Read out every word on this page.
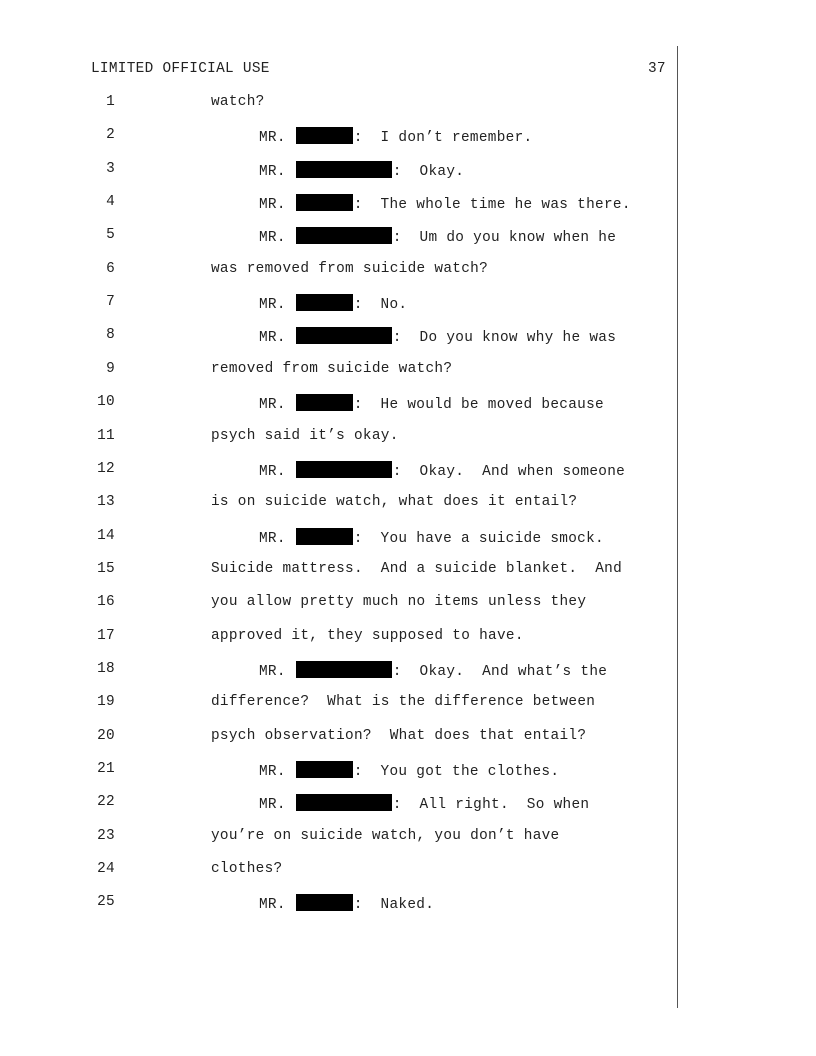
LIMITED OFFICIAL USE	37
1	watch?
2	MR.	:  I don’t remember.
3	MR.	:  Okay.
4	MR.	:  The whole time he was there.
5	MR.	:  Um do you know when he
6	was removed from suicide watch?
7	MR.	:  No.
8	MR.	:  Do you know why he was
9	removed from suicide watch?
10	MR.	:  He would be moved because
11	psych said it’s okay.
12	MR.	:  Okay.  And when someone
13	is on suicide watch, what does it entail?
14	MR.	:  You have a suicide smock.
15	Suicide mattress.  And a suicide blanket.  And
16	you allow pretty much no items unless they
17	approved it, they supposed to have.
18	MR.	:  Okay.  And what’s the
19	difference?  What is the difference between
20	psych observation?  What does that entail?
21	MR.	:  You got the clothes.
22	MR.	:  All right.  So when
23	you’re on suicide watch, you don’t have
24	clothes?
25	MR.	:  Naked.
